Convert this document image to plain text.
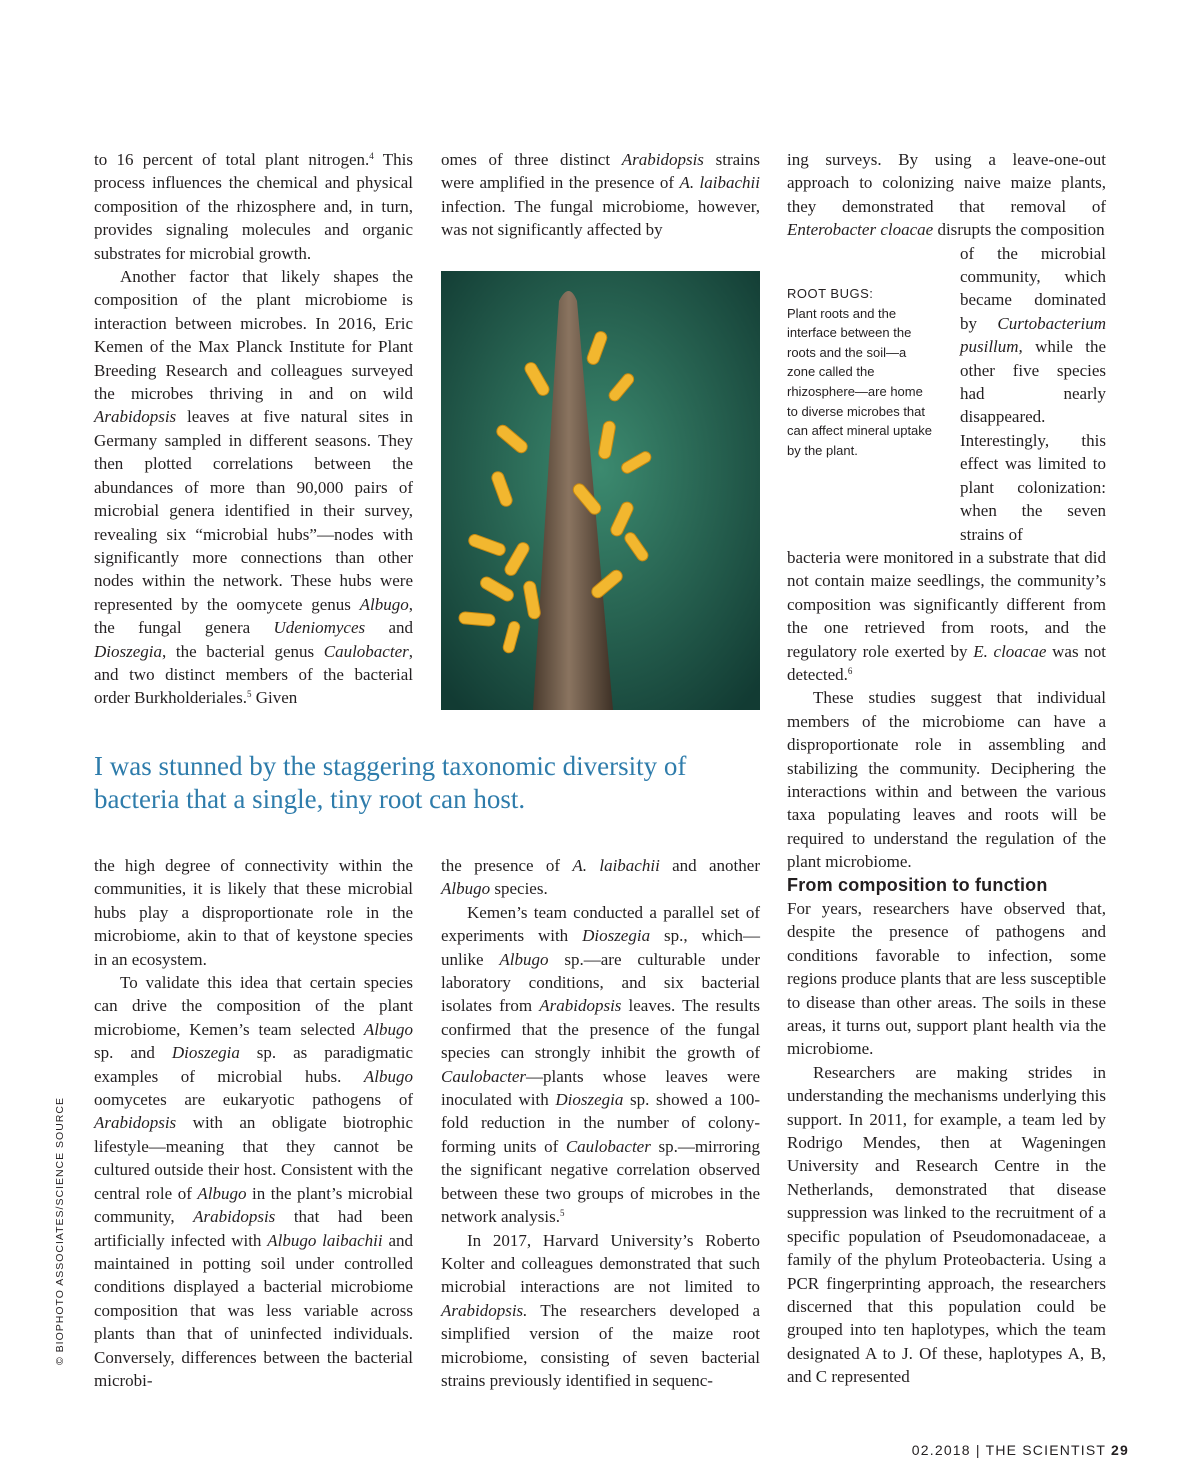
to 16 percent of total plant nitrogen.$^4$ This process influences the chemical and physical composition of the rhizosphere and, in turn, provides signaling molecules and organic substrates for microbial growth.

Another factor that likely shapes the composition of the plant microbiome is interaction between microbes. In 2016, Eric Kemen of the Max Planck Institute for Plant Breeding Research and colleagues surveyed the microbes thriving in and on wild Arabidopsis leaves at five natural sites in Germany sampled in different seasons. They then plotted correlations between the abundances of more than 90,000 pairs of microbial genera identified in their survey, revealing six “microbial hubs”—nodes with significantly more connections than other nodes within the network. These hubs were represented by the oomycete genus Albugo, the fungal genera Udeniomyces and Dioszegia, the bacterial genus Caulobacter, and two distinct members of the bacterial order Burkholderiales.$^5$ Given

omes of three distinct Arabidopsis strains were amplified in the presence of A. laibachii infection. The fungal microbiome, however, was not significantly affected by

ROOT BUGS:
Plant roots and the interface between the roots and the soil—a zone called the rhizosphere—are home to diverse microbes that can affect mineral uptake by the plant.

ing surveys. By using a leave-one-out approach to colonizing naive maize plants, they demonstrated that removal of Enterobacter cloacae disrupts the composition
of the microbial community, which became dominated by Curtobacterium pusillum, while the other five species had nearly disappeared. Interestingly, this effect was limited to plant colonization: when the seven strains of
bacteria were monitored in a substrate that did not contain maize seedlings, the community’s composition was significantly different from the one retrieved from roots, and the regulatory role exerted by E. cloacae was not detected.$^6$

These studies suggest that individual members of the microbiome can have a disproportionate role in assembling and stabilizing the community. Deciphering the interactions within and between the various taxa populating leaves and roots will be required to understand the regulation of the plant microbiome.

From composition to function

For years, researchers have observed that, despite the presence of pathogens and conditions favorable to infection, some regions produce plants that are less susceptible to disease than other areas. The soils in these areas, it turns out, support plant health via the microbiome.

Researchers are making strides in understanding the mechanisms underlying this support. In 2011, for example, a team led by Rodrigo Mendes, then at Wageningen University and Research Centre in the Netherlands, demonstrated that disease suppression was linked to the recruitment of a specific population of Pseudomonadaceae, a family of the phylum Proteobacteria. Using a PCR fingerprinting approach, the researchers discerned that this population could be grouped into ten haplotypes, which the team designated A to J. Of these, haplotypes A, B, and C represented

I was stunned by the staggering taxonomic diversity of bacteria that a single, tiny root can host.

the high degree of connectivity within the communities, it is likely that these microbial hubs play a disproportionate role in the microbiome, akin to that of keystone species in an ecosystem.

To validate this idea that certain species can drive the composition of the plant microbiome, Kemen’s team selected Albugo sp. and Dioszegia sp. as paradigmatic examples of microbial hubs. Albugo oomycetes are eukaryotic pathogens of Arabidopsis with an obligate biotrophic lifestyle—meaning that they cannot be cultured outside their host. Consistent with the central role of Albugo in the plant’s microbial community, Arabidopsis that had been artificially infected with Albugo laibachii and maintained in potting soil under controlled conditions displayed a bacterial microbiome composition that was less variable across plants than that of uninfected individuals. Conversely, differences between the bacterial microbi-

the presence of A. laibachii and another Albugo species.

Kemen’s team conducted a parallel set of experiments with Dioszegia sp., which—unlike Albugo sp.—are culturable under laboratory conditions, and six bacterial isolates from Arabidopsis leaves. The results confirmed that the presence of the fungal species can strongly inhibit the growth of Caulobacter—plants whose leaves were inoculated with Dioszegia sp. showed a 100-fold reduction in the number of colony-forming units of Caulobacter sp.—mirroring the significant negative correlation observed between these two groups of microbes in the network analysis.$^5$

In 2017, Harvard University’s Roberto Kolter and colleagues demonstrated that such microbial interactions are not limited to Arabidopsis. The researchers developed a simplified version of the maize root microbiome, consisting of seven bacterial strains previously identified in sequenc-

© BIOPHOTO ASSOCIATES/SCIENCE SOURCE
02.2018 | THE SCIENTIST 29
